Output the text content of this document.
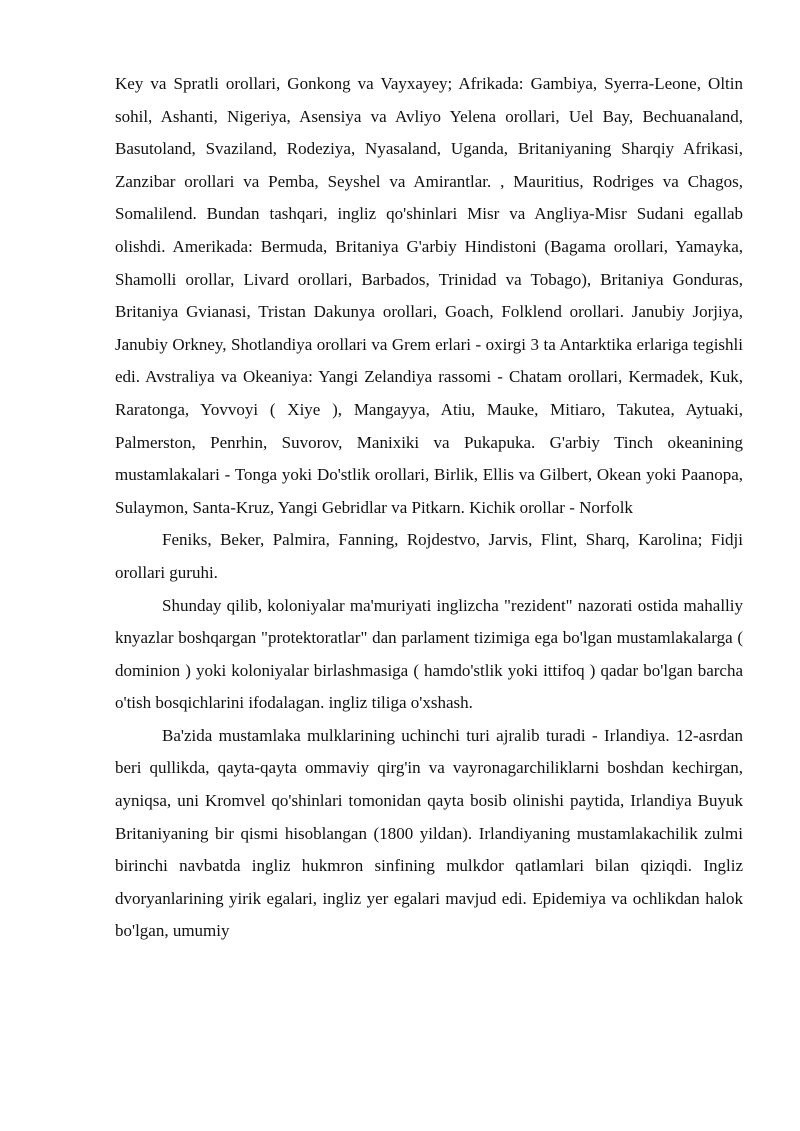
Key va Spratli orollari, Gonkong va Vayxayey; Afrikada: Gambiya, Syerra-Leone, Oltin sohil, Ashanti, Nigeriya, Asensiya va Avliyo Yelena orollari, Uel Bay, Bechuanaland, Basutoland, Svaziland, Rodeziya, Nyasaland, Uganda, Britaniyaning Sharqiy Afrikasi, Zanzibar orollari va Pemba, Seyshel va Amirantlar. , Mauritius, Rodriges va Chagos, Somalilend. Bundan tashqari, ingliz qo'shinlari Misr va Angliya-Misr Sudani egallab olishdi. Amerikada: Bermuda, Britaniya G'arbiy Hindistoni (Bagama orollari, Yamayka, Shamolli orollar, Livard orollari, Barbados, Trinidad va Tobago), Britaniya Gonduras, Britaniya Gvianasi, Tristan Dakunya orollari, Goach, Folklend orollari. Janubiy Jorjiya, Janubiy Orkney, Shotlandiya orollari va Grem erlari - oxirgi 3 ta Antarktika erlariga tegishli edi. Avstraliya va Okeaniya: Yangi Zelandiya rassomi - Chatam orollari, Kermadek, Kuk, Raratonga, Yovvoyi ( Xiye ), Mangayya, Atiu, Mauke, Mitiaro, Takutea, Aytuaki, Palmerston, Penrhin, Suvorov, Manixiki va Pukapuka. G'arbiy Tinch okeanining mustamlakalari - Tonga yoki Do'stlik orollari, Birlik, Ellis va Gilbert, Okean yoki Paanopa, Sulaymon, Santa-Kruz, Yangi Gebridlar va Pitkarn. Kichik orollar - Norfolk

Feniks, Beker, Palmira, Fanning, Rojdestvo, Jarvis, Flint, Sharq, Karolina; Fidji orollari guruhi.

Shunday qilib, koloniyalar ma'muriyati inglizcha "rezident" nazorati ostida mahalliy knyazlar boshqargan "protektoratlar" dan parlament tizimiga ega bo'lgan mustamlakalarga ( dominion ) yoki koloniyalar birlashmasiga ( hamdo'stlik yoki ittifoq ) qadar bo'lgan barcha o'tish bosqichlarini ifodalagan. ingliz tiliga o'xshash.

Ba'zida mustamlaka mulklarining uchinchi turi ajralib turadi - Irlandiya. 12-asrdan beri qullikda, qayta-qayta ommaviy qirg'in va vayronagarchiliklarni boshdan kechirgan, ayniqsa, uni Kromvel qo'shinlari tomonidan qayta bosib olinishi paytida, Irlandiya Buyuk Britaniyaning bir qismi hisoblangan (1800 yildan). Irlandiyaning mustamlakachilik zulmi birinchi navbatda ingliz hukmron sinfining mulkdor qatlamlari bilan qiziqdi. Ingliz dvoryanlarining yirik egalari, ingliz yer egalari mavjud edi. Epidemiya va ochlikdan halok bo'lgan, umumiy
